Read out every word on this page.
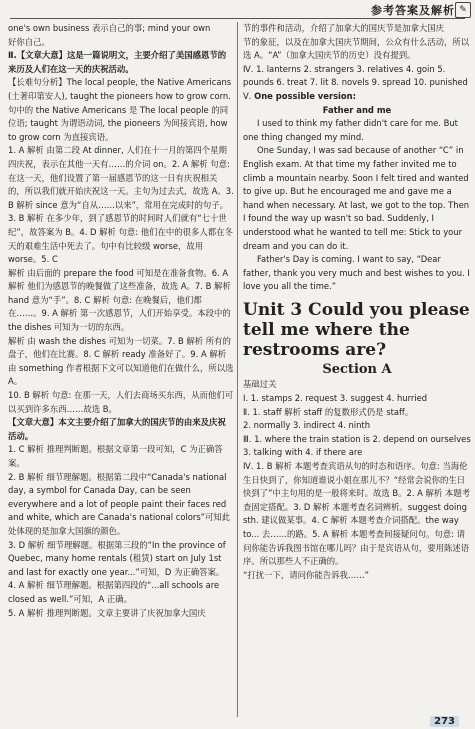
参考答案及解析 ✎

one's own business 表示自己的事; mind your own

好你自己。

Ⅱ.【文章大意】这是一篇说明文，主要介绍了美国感恩节的来历及人们在这一天的庆祝活动。

【长难句分析】The local people, the Native Americans (土著印第安人), taught the pioneers how to grow corn. 句中的 the Native Americans 是 The local people 的同位语; taught 为谓语动词, the pioneers 为间接宾语, how to grow corn 为直接宾语。

1. A 解析 由第二段 At dinner, 人们在十一月的第四个星期四庆祝，表示在其他一天有……的介词 on。2. A 解析 句意: 在这一天，他们设置了第一届感恩节的这一日有庆祝相关的，所以我们就开始庆祝这一天。主句为过去式，故选 A。3. B 解析 since 意为“自从……以来”，常用在完成时的句子。3. B 解析 在多少年，到了感恩节的时间时人们就有“七十世纪”，故答案为 B。4. D 解析 句意: 他们在中的很多人都在冬天的艰难生活中死去了。句中有比较级 worse，故用 worse。5. C

解析 由后面的 prepare the food 可知是在准备食物。6. A 解析 他们为感恩节的晚餐做了这些准备，故选 A。7. B 解析 hand 意为“手”。8. C 解析 句意: 在晚餐后，他们都在……。9. A 解析 第一次感恩节，人们开始享受。本段中的 the dishes 可知为一切的东西。

解析 由 wash the dishes 可知为一切菜。7. B 解析 所有的盘子，他们在比赛。8. C 解析 ready 准备好了。9. A 解析 由 something 作者根据下文可以知道他们在做什么，所以选 A。

10. B 解析 句意: 在那一天，人们去商场买东西，从而他们可以买到许多东西……故选 B。

【文章大意】本文主要介绍了加拿大的国庆节的由来及庆祝活动。

1. C 解析 推理判断题。根据文章第一段可知，C 为正确答案。

2. B 解析 细节理解题。根据第二段中“Canada's national day, a symbol for Canada Day, can be seen everywhere and a lot of people paint their faces red and white, which are Canada's national colors”可知此处体现的是加拿大国旗的颜色。

3. D 解析 细节理解题。根据第三段的“In the province of Quebec, many home rentals (租赁) start on July 1st and last for exactly one year...”可知，D 为正确答案。

4. A 解析 细节理解题。根据第四段的“...all schools are closed as well.”可知，A 正确。

5. A 解析 推理判断题。文章主要讲了庆祝加拿大国庆

节的事件和活动，介绍了加拿大的国庆节是加拿大国庆

节的象征，以及在加拿大国庆节期间，公众有什么活动，所以选 A。“A”（加拿大国庆节的历史）没有提到。

Ⅳ. 1. lanterns 2. strangers 3. relatives 4. goin 5. pounds 6. treat 7. lit 8. novels 9. spread 10. punished

Ⅴ. One possible version:

Father and me

I used to think my father didn't care for me. But one thing changed my mind.

One Sunday, I was sad because of another “C” in English exam. At that time my father invited me to climb a mountain nearby. Soon I felt tired and wanted to give up. But he encouraged me and gave me a hand when necessary. At last, we got to the top. Then I found the way up wasn't so bad. Suddenly, I understood what he wanted to tell me: Stick to your dream and you can do it.

Father's Day is coming. I want to say, “Dear father, thank you very much and best wishes to you. I love you all the time.”

Unit 3 Could you please tell me where the restrooms are?
Section A

基础过关

Ⅰ. 1. stamps 2. request 3. suggest 4. hurried

Ⅱ. 1. staff 解析 staff 的复数形式仍是 staff。

2. normally 3. indirect 4. ninth

Ⅲ. 1. where the train station is 2. depend on ourselves

3. talking with 4. if there are

Ⅳ. 1. B 解析 本题考查宾语从句的时态和语序。句意: 当海伦生日快到了，你知道谁说小姐在那儿不？“经常会说你的生日快到了”中主句用的是一般将来时。故选 B。2. A 解析 本题考查固定搭配。3. D 解析 本题考查名词辨析。suggest doing sth. 建议做某事。4. C 解析 本题考查介词搭配。the way to... 去……的路。5. A 解析 本题考查间接疑问句。句意: 请问你能告诉我图书馆在哪儿吗？由于是宾语从句，要用陈述语序。所以那些人不正确的。

“打扰一下，请问你能告诉我……”

273
